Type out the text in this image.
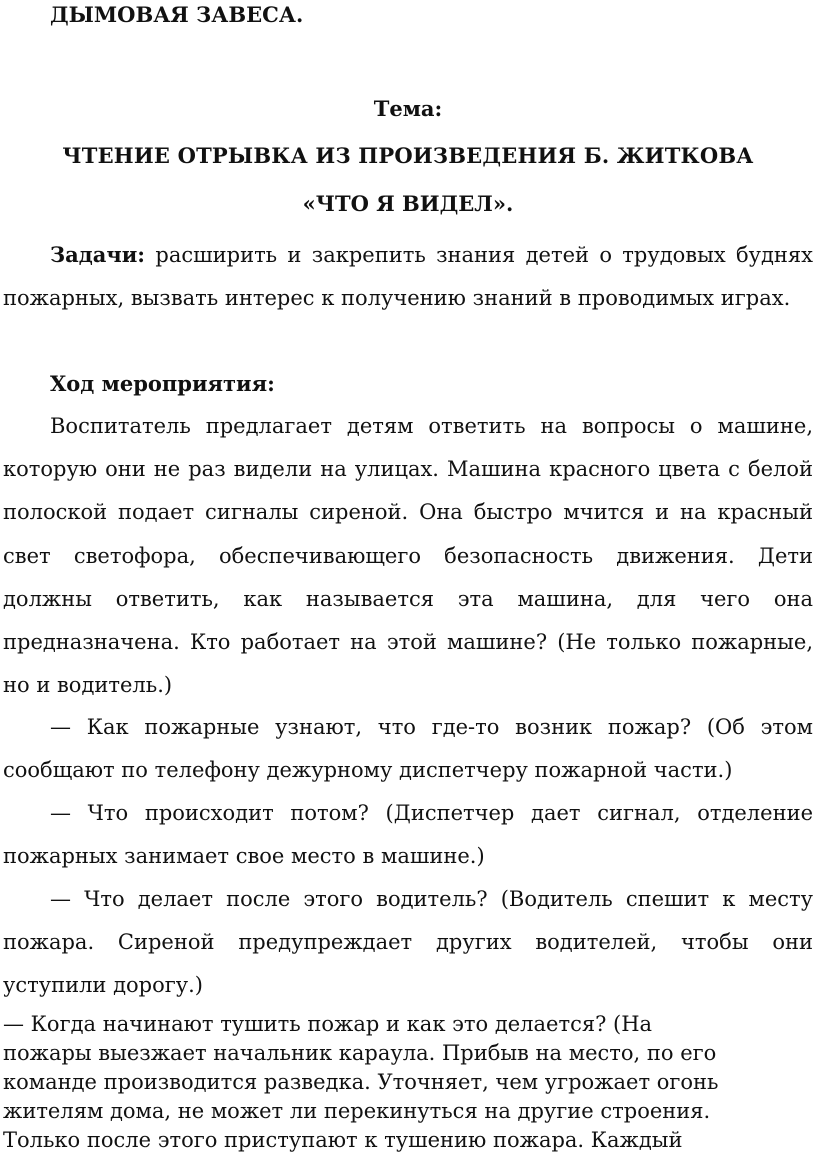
ДЫМОВАЯ ЗАВЕСА.
Тема:
ЧТЕНИЕ ОТРЫВКА ИЗ ПРОИЗВЕДЕНИЯ Б. ЖИТКОВА
«ЧТО Я ВИДЕЛ».

Задачи: расширить и закрепить знания детей о трудовых буднях пожарных, вызвать интерес к получению знаний в проводимых играх.

Ход мероприятия:

Воспитатель предлагает детям ответить на вопросы о машине, которую они не раз видели на улицах. Машина красного цвета с белой полоской подает сигналы сиреной. Она быстро мчится и на красный свет светофора, обеспечивающего безопасность движения. Дети должны ответить, как называется эта машина, для чего она предназначена. Кто работает на этой машине? (Не только пожарные, но и водитель.)

— Как пожарные узнают, что где-то возник пожар? (Об этом сообщают по телефону дежурному диспетчеру пожарной части.)

— Что происходит потом? (Диспетчер дает сигнал, отделение пожарных занимает свое место в машине.)

— Что делает после этого водитель? (Водитель спешит к месту пожара. Сиреной предупреждает других водителей, чтобы они уступили дорогу.)

— Когда начинают тушить пожар и как это делается? (На
пожары выезжает начальник караула. Прибыв на место, по его
команде производится разведка. Уточняет, чем угрожает огонь
жителям дома, не может ли перекинуться на другие строения.
Только после этого приступают к тушению пожара. Каждый
